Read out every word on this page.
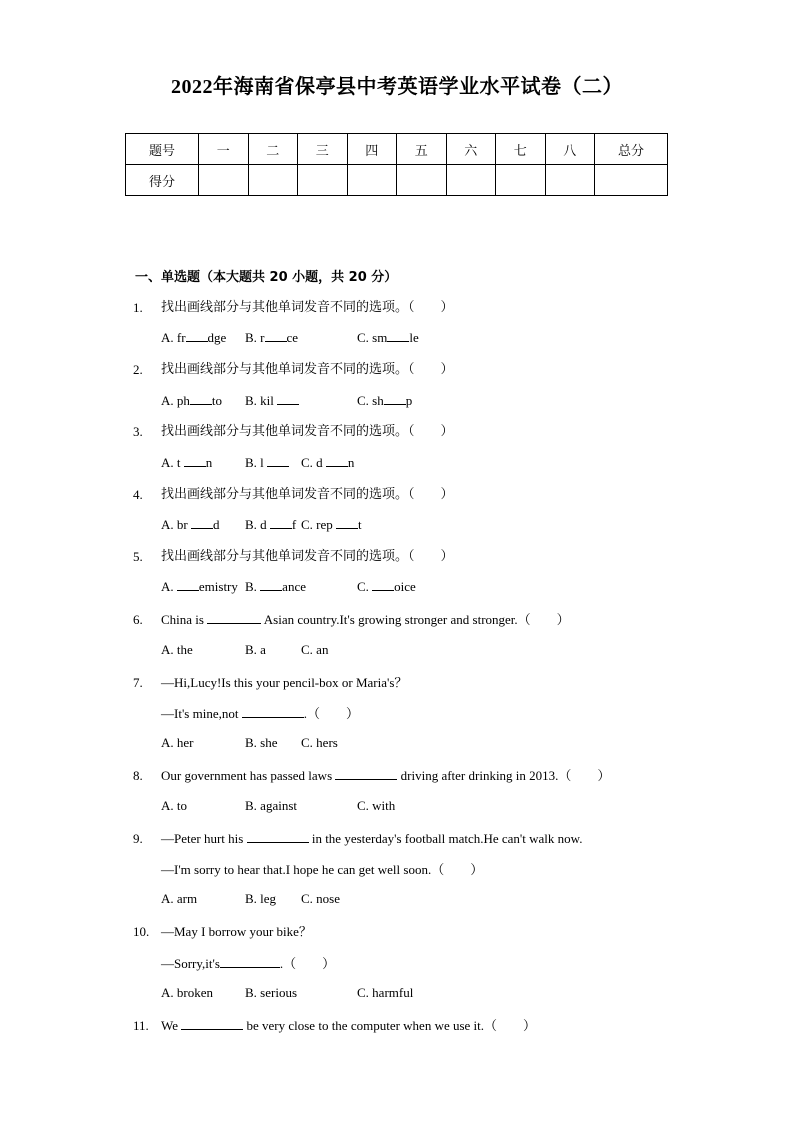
2022年海南省保亭县中考英语学业水平试卷（二）
题号	一	二	三	四	五	六	七	八	总分
得分									
一、单选题（本大题共 20 小题，共 20 分）
1. 找出画线部分与其他单词发音不同的选项。（　　）
A. fr dge B. r ce	C. sm le
2. 找出画线部分与其他单词发音不同的选项。（　　）
A. ph to B. kil	C. sh p
3. 找出画线部分与其他单词发音不同的选项。（　　）
A. t n	B. l	C. d n
4. 找出画线部分与其他单词发音不同的选项。（　　）
A. br d B. d f C. rep t
5. 找出画线部分与其他单词发音不同的选项。（　　）
A. emistry B. ance	C. oice
6. China is	Asian country.It's growing stronger and stronger.（　　）
A. the	B. a	C. an
7. —Hi,Lucy!Is this your pencil-box or Maria's？
—It's mine,not	.（　　）
A. her	B. she C. hers
8. Our government has passed laws	driving after drinking in 2013.（　　）
A. to	B. against	C. with
9. —Peter hurt his	in the yesterday's football match.He can't walk now.
—I'm sorry to hear that.I hope he can get well soon.（　　）
A. arm	B. leg C. nose
10. —May I borrow your bike？
—Sorry,it's	.（　　）
A. broken B. serious	C. harmful
11. We	be very close to the computer when we use it.（　　）
